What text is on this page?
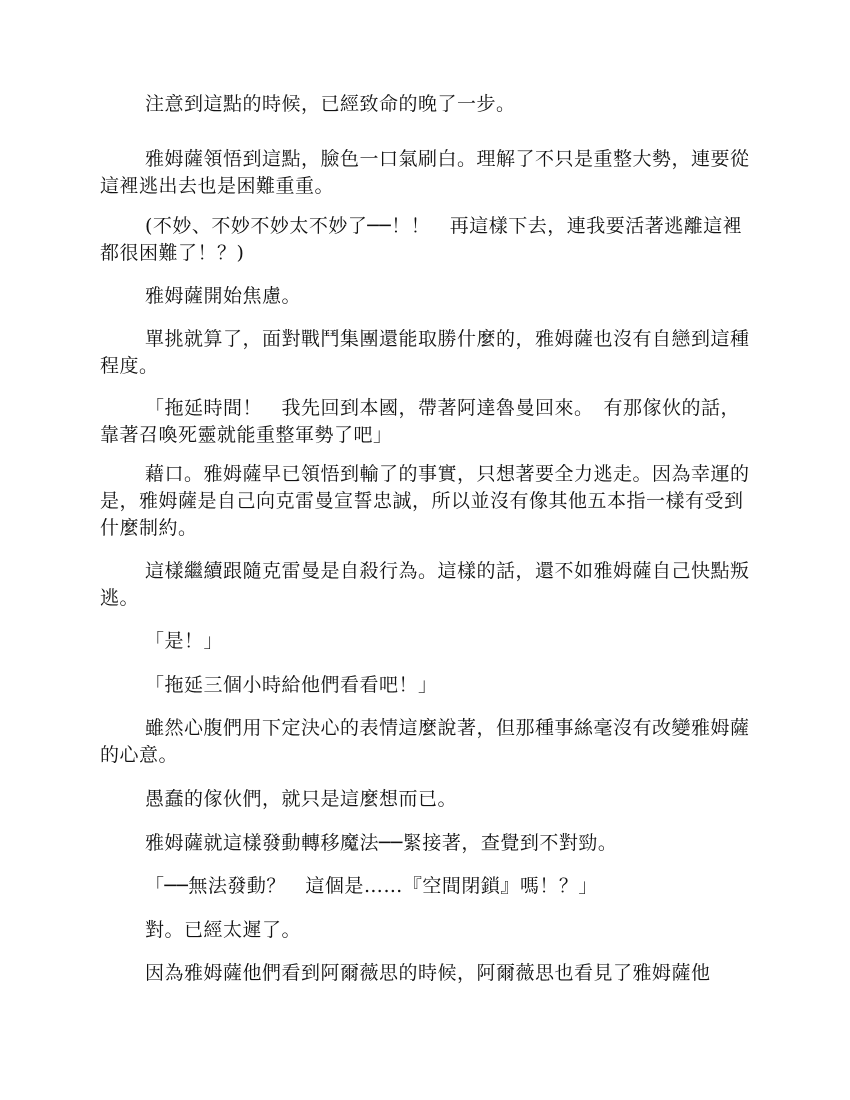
注意到這點的時候，已經致命的晚了一步。

雅姆薩領悟到這點，臉色一口氣刷白。理解了不只是重整大勢，連要從這裡逃出去也是困難重重。

(不妙、不妙不妙太不妙了──！！　再這樣下去，連我要活著逃離這裡都很困難了！？)

雅姆薩開始焦慮。

單挑就算了，面對戰鬥集團還能取勝什麼的，雅姆薩也沒有自戀到這種程度。

「拖延時間！　我先回到本國，帶著阿達魯曼回來。　有那傢伙的話，靠著召喚死靈就能重整軍勢了吧」

藉口。雅姆薩早已領悟到輸了的事實，只想著要全力逃走。因為幸運的是，雅姆薩是自己向克雷曼宣誓忠誠，所以並沒有像其他五本指一樣有受到什麼制約。

這樣繼續跟隨克雷曼是自殺行為。這樣的話，還不如雅姆薩自己快點叛逃。

「是！」

「拖延三個小時給他們看看吧！」

雖然心腹們用下定決心的表情這麼說著，但那種事絲毫沒有改變雅姆薩的心意。

愚蠢的傢伙們，就只是這麼想而已。

雅姆薩就這樣發動轉移魔法──緊接著，查覺到不對勁。

「──無法發動？　這個是……『空間閉鎖』嗎！？」

對。已經太遲了。

因為雅姆薩他們看到阿爾薇思的時候，阿爾薇思也看見了雅姆薩他
